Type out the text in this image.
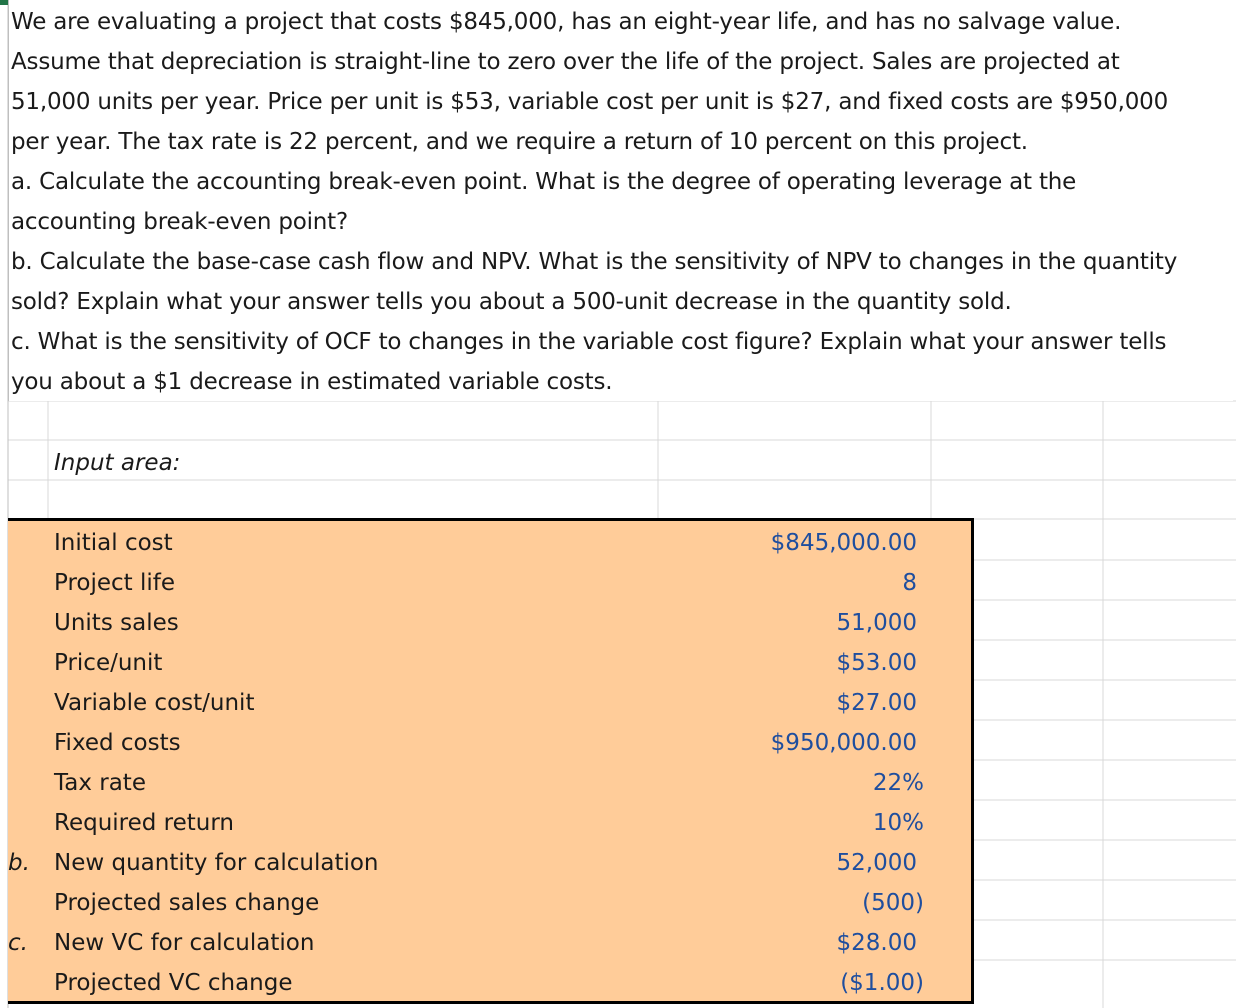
We are evaluating a project that costs $845,000, has an eight-year life, and has no salvage value.
Assume that depreciation is straight-line to zero over the life of the project. Sales are projected at
51,000 units per year. Price per unit is $53, variable cost per unit is $27, and fixed costs are $950,000
per year. The tax rate is 22 percent, and we require a return of 10 percent on this project.
a. Calculate the accounting break-even point. What is the degree of operating leverage at the
accounting break-even point?
b. Calculate the base-case cash flow and NPV. What is the sensitivity of NPV to changes in the quantity
sold? Explain what your answer tells you about a 500-unit decrease in the quantity sold.
c. What is the sensitivity of OCF to changes in the variable cost figure? Explain what your answer tells
you about a $1 decrease in estimated variable costs.
Input area:
Initial cost	$845,000.00
Project life	8
Units sales	51,000
Price/unit	$53.00
Variable cost/unit	$27.00
Fixed costs	$950,000.00
Tax rate	22%
Required return	10%
b.	New quantity for calculation	52,000
Projected sales change	(500)
c.	New VC for calculation	$28.00
Projected VC change	($1.00)
